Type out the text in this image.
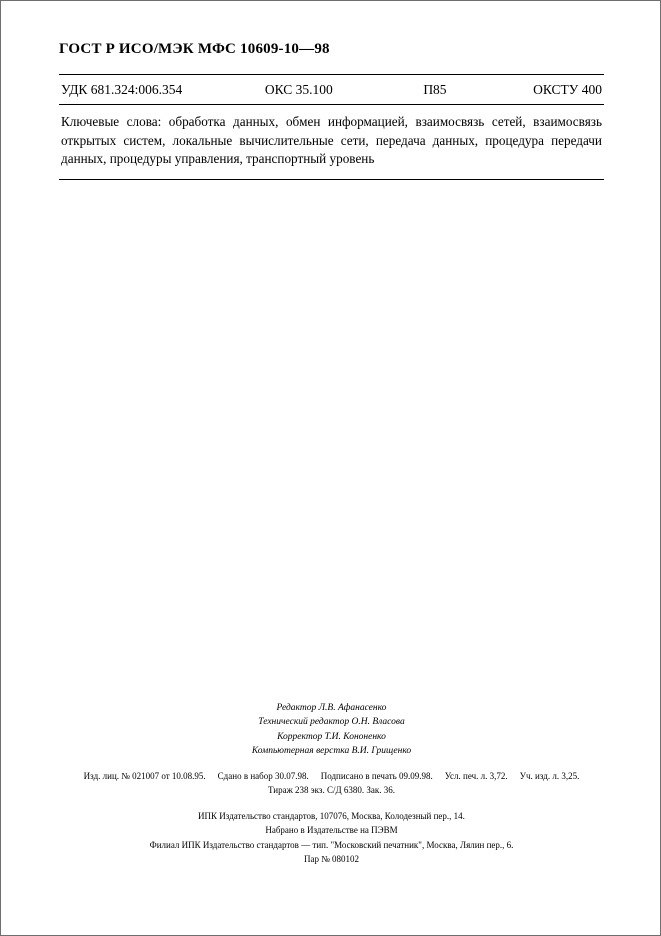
ГОСТ Р ИСО/МЭК МФС 10609-10—98
УДК 681.324:006.354	ОКС 35.100	П85	ОКСТУ 400
Ключевые слова: обработка данных, обмен информацией, взаимосвязь сетей, взаимосвязь открытых систем, локальные вычислительные сети, передача данных, процедура передачи данных, процедуры управления, транспортный уровень
Редактор Л.В. Афанасенко
Технический редактор О.Н. Власова
Корректор Т.И. Кононенко
Компьютерная верстка В.И. Грищенко
Изд. лиц. № 021007 от 10.08.95. Сдано в набор 30.07.98. Подписано в печать 09.09.98. Усл. печ. л. 3,72. Уч. изд. л. 3,25.
Тираж 238 экз. С/Д 6380. Зак. 36.
ИПК Издательство стандартов, 107076, Москва, Колодезный пер., 14.
Набрано в Издательстве на ПЭВМ
Филиал ИПК Издательство стандартов — тип. "Московский печатник", Москва, Лялин пер., 6.
Пар № 080102
